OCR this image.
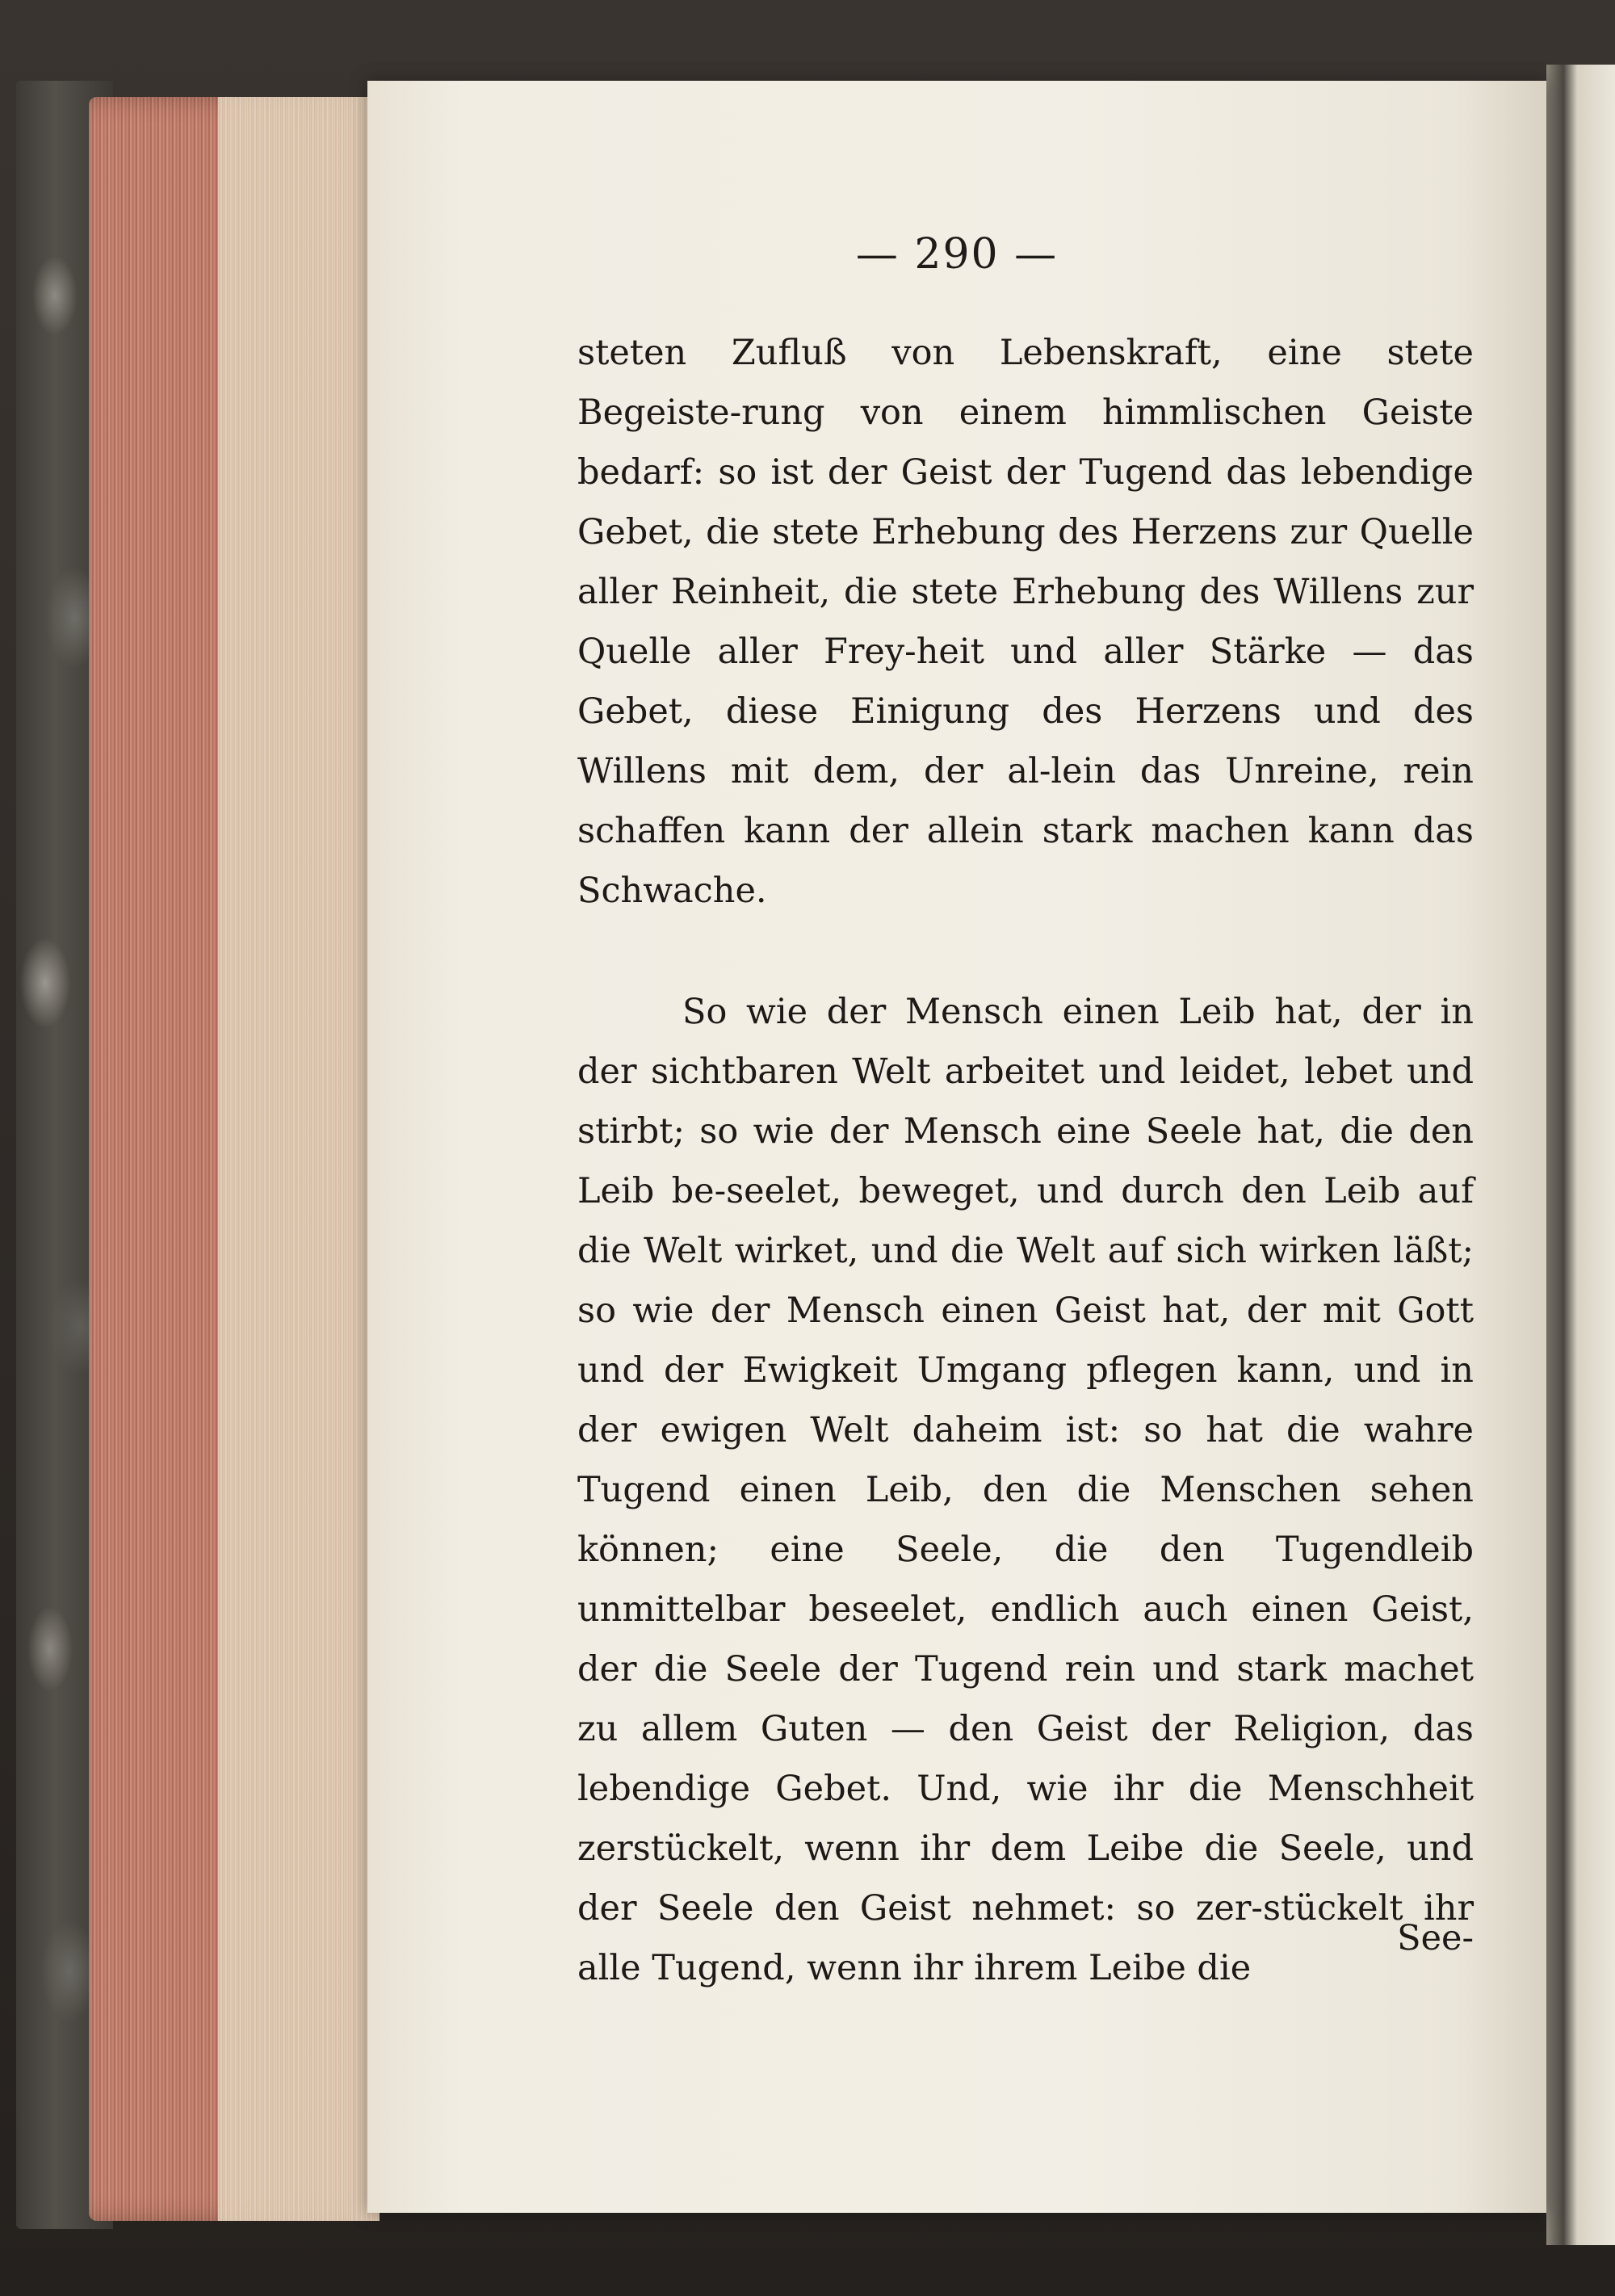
— 290 —

steten Zufluß von Lebenskraft, eine stete Begeiste-rung von einem himmlischen Geiste bedarf: so ist der Geist der Tugend das lebendige Gebet, die stete Erhebung des Herzens zur Quelle aller Reinheit, die stete Erhebung des Willens zur Quelle aller Frey-heit und aller Stärke — das Gebet, diese Einigung des Herzens und des Willens mit dem, der al-lein das Unreine, rein schaffen kann der allein stark machen kann das Schwache.

So wie der Mensch einen Leib hat, der in der sichtbaren Welt arbeitet und leidet, lebet und stirbt; so wie der Mensch eine Seele hat, die den Leib be-seelet, beweget, und durch den Leib auf die Welt wirket, und die Welt auf sich wirken läßt; so wie der Mensch einen Geist hat, der mit Gott und der Ewigkeit Umgang pflegen kann, und in der ewigen Welt daheim ist: so hat die wahre Tugend einen Leib, den die Menschen sehen können; eine Seele, die den Tugendleib unmittelbar beseelet, endlich auch einen Geist, der die Seele der Tugend rein und stark machet zu allem Guten — den Geist der Religion, das lebendige Gebet. Und, wie ihr die Menschheit zerstückelt, wenn ihr dem Leibe die Seele, und der Seele den Geist nehmet: so zer-stückelt ihr alle Tugend, wenn ihr ihrem Leibe die

See-
